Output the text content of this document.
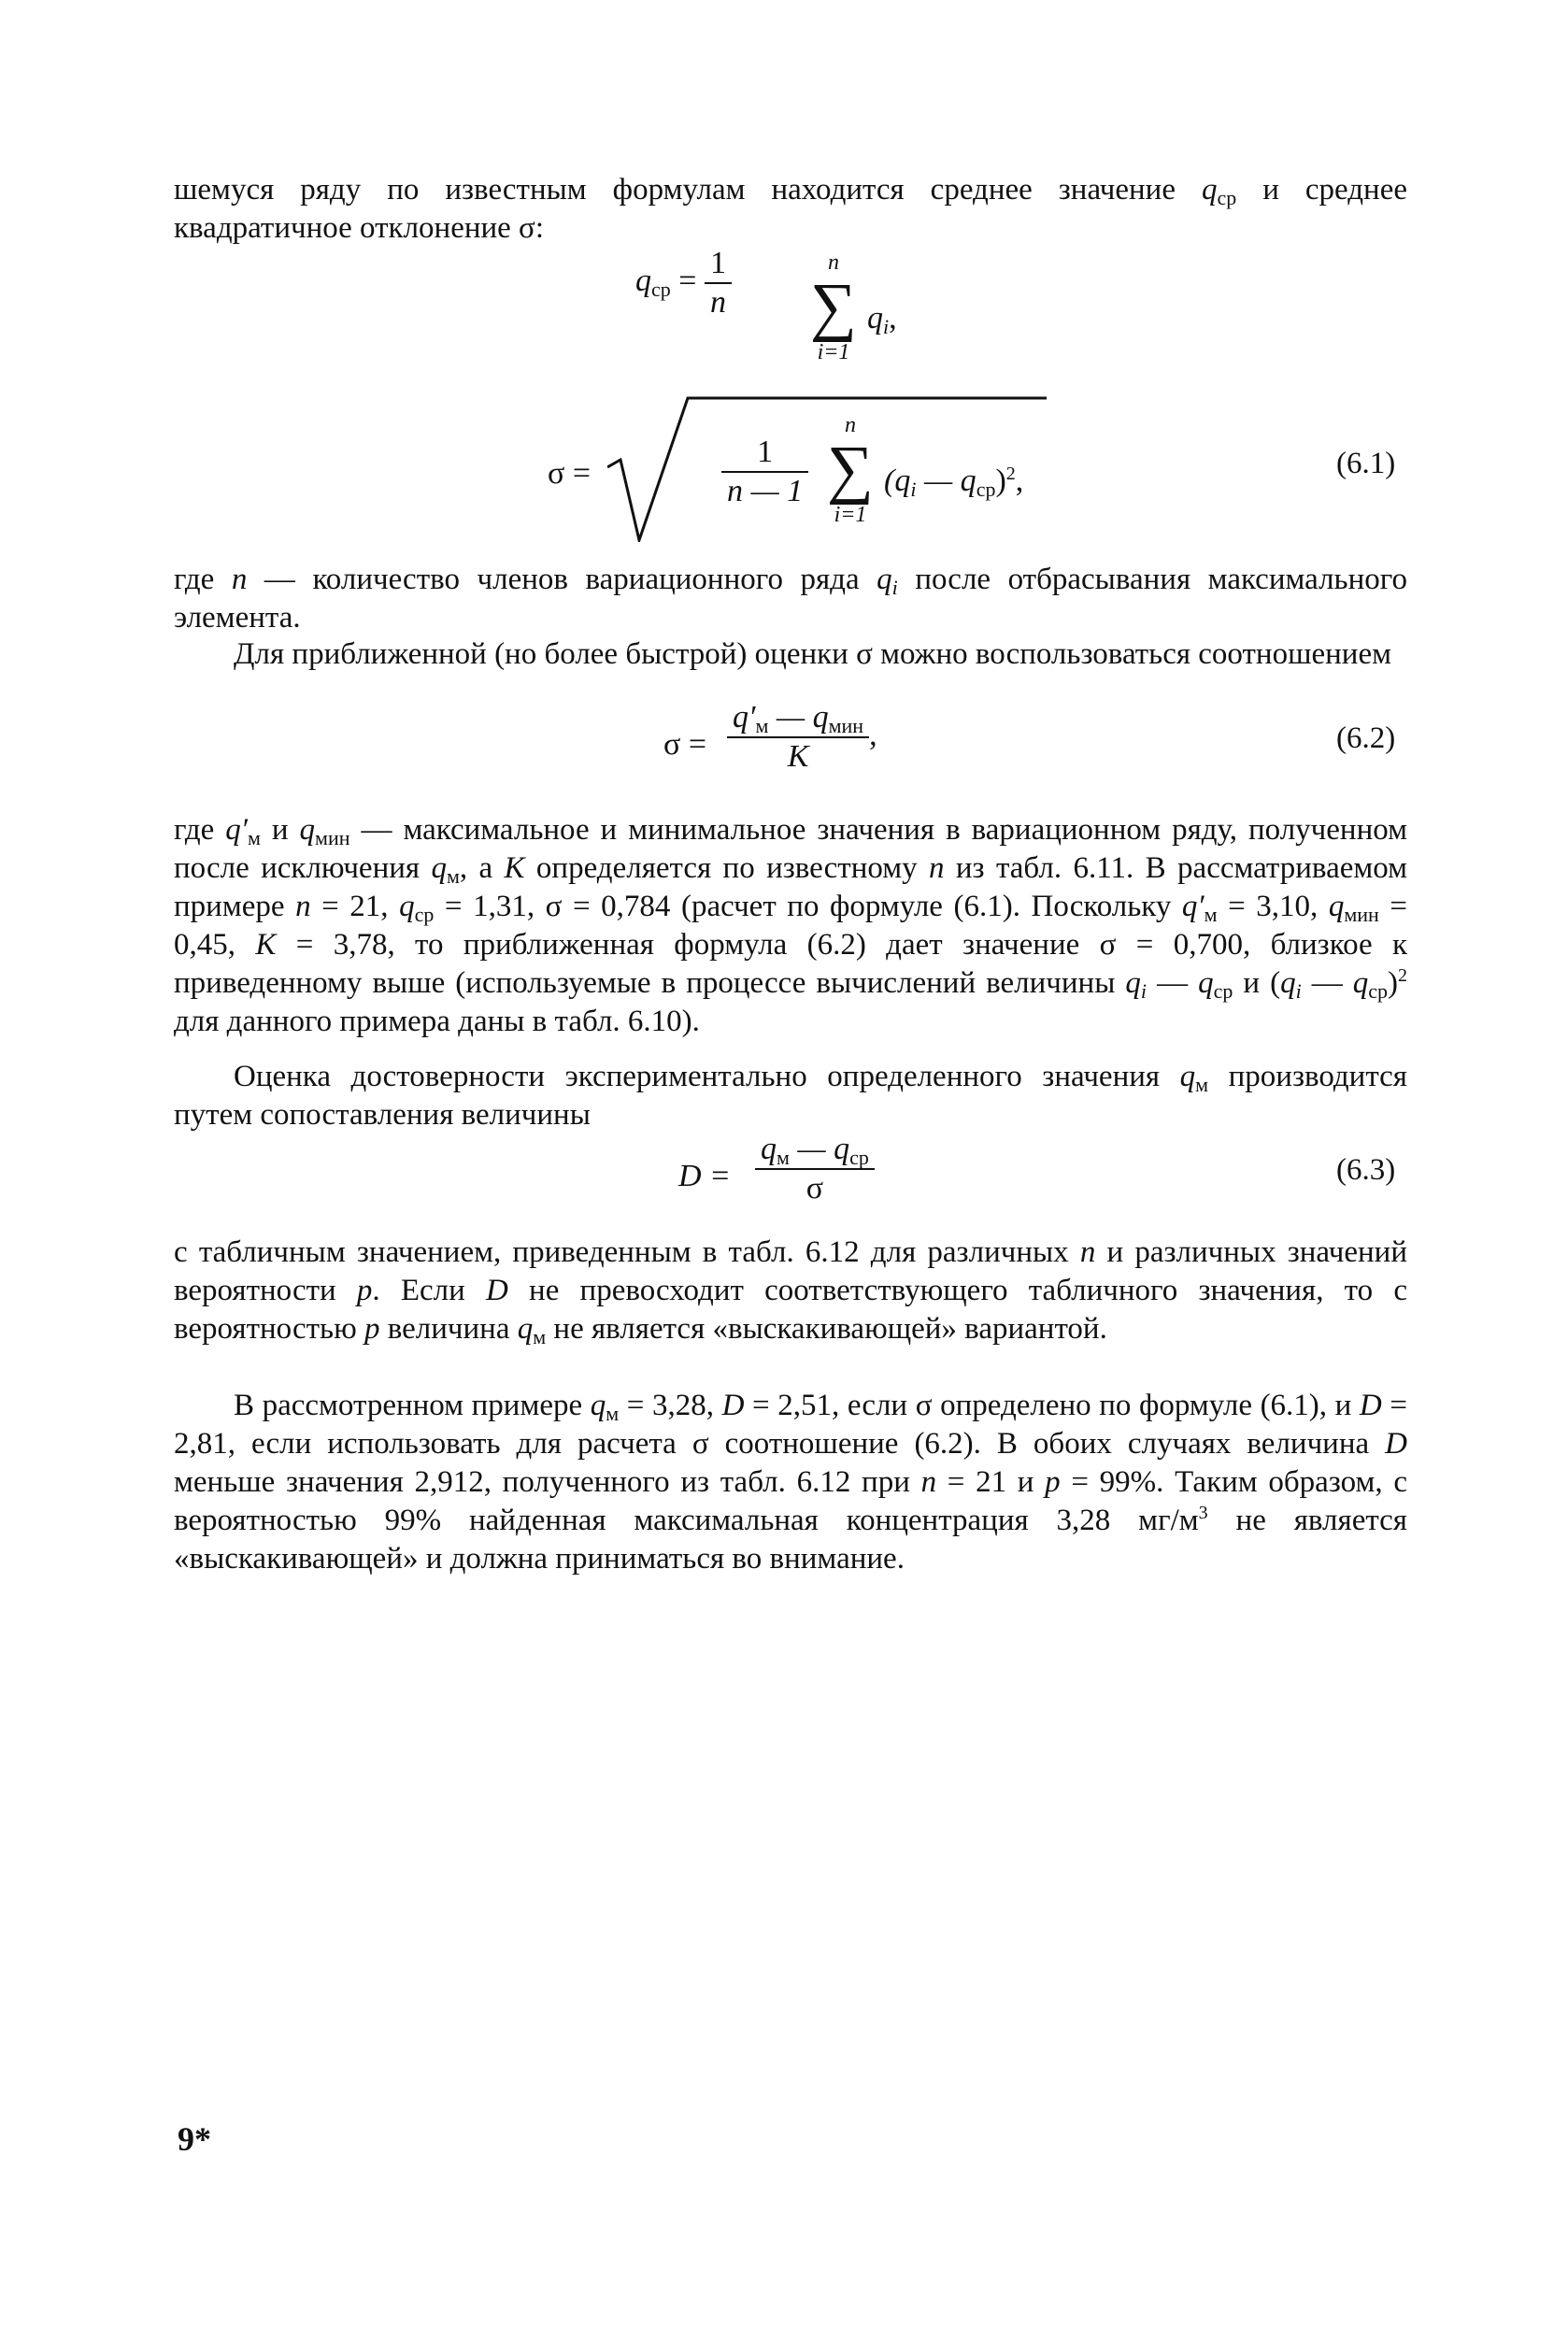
шемуся ряду по известным формулам находится среднее значение $q_{ср}$ и среднее квадратичное отклонение σ:

$q_{ср} = \frac{1}{n}$	n
∑
i=1
$q_i$,
σ =	$\frac{1}{n — 1}$
n
∑
i=1
($q_i$ — $q_{ср})^2$,	(6.1)

где n — количество членов вариационного ряда $q_i$ после отбрасывания максимального элемента.

Для приближенной (но более быстрой) оценки σ можно воспользоваться соотношением

$\sigma = \frac{q'_м — q_{мин}}{K}$ ,	(6.2)

где $q'_м$ и $q_{мин}$ — максимальное и минимальное значения в вариационном ряду, полученном после исключения $q_м$, а K определяется по известному n из табл. 6.11. В рассматриваемом примере n = 21, $q_{ср} = 1,31$, σ = 0,784 (расчет по формуле (6.1). Поскольку $q'_м = 3,10$, $q_{мин} = 0,45$, K = 3,78, то приближенная формула (6.2) дает значение σ = 0,700, близкое к приведенному выше (используемые в процессе вычислений величины $q_i$ — $q_{ср}$ и ($q_i$ — $q_{ср})^2$ для данного примера даны в табл. 6.10).

Оценка достоверности экспериментально определенного значения $q_м$ производится путем сопоставления величины

$D = \frac{q_м — q_{ср}}{\sigma}$	(6.3)

с табличным значением, приведенным в табл. 6.12 для различных n и различных значений вероятности p. Если D не превосходит соответствующего табличного значения, то с вероятностью p величина $q_м$ не является «выскакивающей» вариантой.

В рассмотренном примере $q_м = 3,28$, D = 2,51, если σ определено по формуле (6.1), и D = 2,81, если использовать для расчета σ соотношение (6.2). В обоих случаях величина D меньше значения 2,912, полученного из табл. 6.12 при n = 21 и p = 99%. Таким образом, с вероятностью 99% найденная максимальная концентрация 3,28 $мг/м^3$ не является «выскакивающей» и должна приниматься во внимание.

9*
